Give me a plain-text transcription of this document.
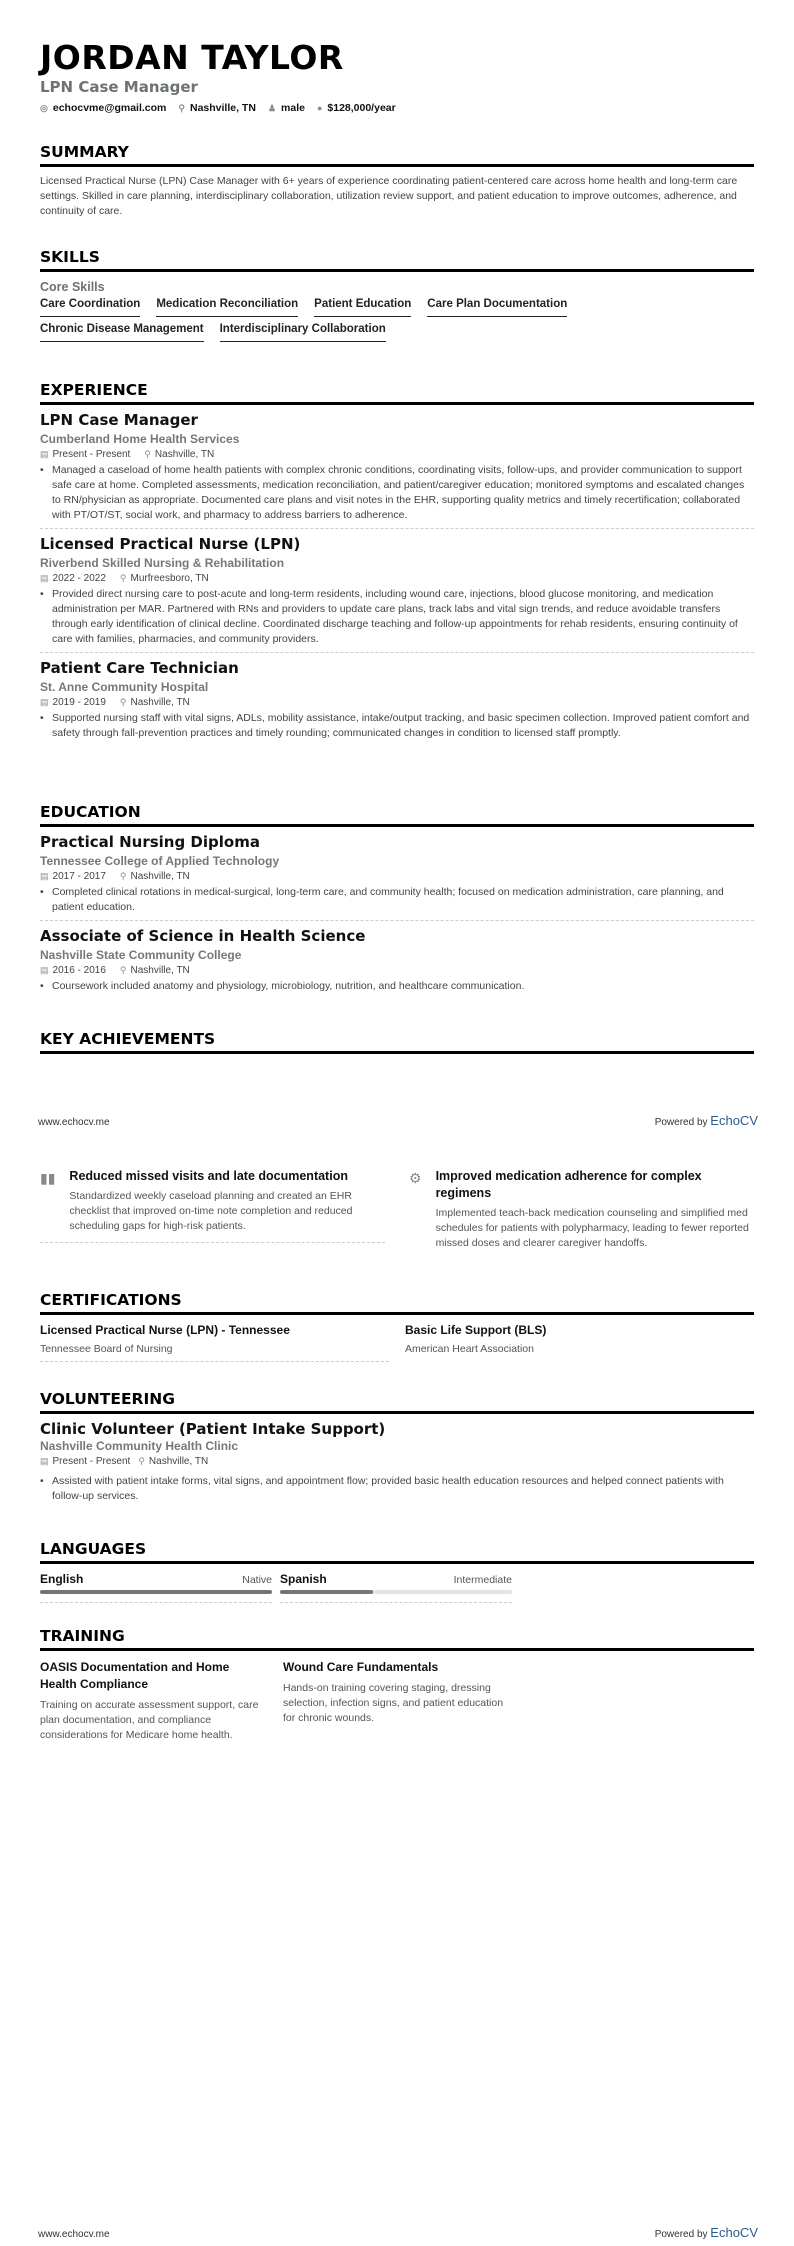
JORDAN TAYLOR
LPN Case Manager
◎ echocvme@gmail.com ⚲ Nashville, TN ♟ male ● $128,000/year
SUMMARY
Licensed Practical Nurse (LPN) Case Manager with 6+ years of experience coordinating patient-centered care across home health and long-term care settings. Skilled in care planning, interdisciplinary collaboration, utilization review support, and patient education to improve outcomes, adherence, and continuity of care.
SKILLS
Core Skills
Care Coordination Medication Reconciliation Patient Education Care Plan Documentation
Chronic Disease Management Interdisciplinary Collaboration
EXPERIENCE
LPN Case Manager
Cumberland Home Health Services
▤ Present - Present ⚲ Nashville, TN
• Managed a caseload of home health patients with complex chronic conditions, coordinating visits, follow-ups, and provider communication to support safe care at home. Completed assessments, medication reconciliation, and patient/caregiver education; monitored symptoms and escalated changes to RN/physician as appropriate. Documented care plans and visit notes in the EHR, supporting quality metrics and timely recertification; collaborated with PT/OT/ST, social work, and pharmacy to address barriers to adherence.
Licensed Practical Nurse (LPN)
Riverbend Skilled Nursing & Rehabilitation
▤ 2022 - 2022 ⚲ Murfreesboro, TN
• Provided direct nursing care to post-acute and long-term residents, including wound care, injections, blood glucose monitoring, and medication administration per MAR. Partnered with RNs and providers to update care plans, track labs and vital sign trends, and reduce avoidable transfers through early identification of clinical decline. Coordinated discharge teaching and follow-up appointments for rehab residents, ensuring continuity of care with families, pharmacies, and community providers.
Patient Care Technician
St. Anne Community Hospital
▤ 2019 - 2019 ⚲ Nashville, TN
• Supported nursing staff with vital signs, ADLs, mobility assistance, intake/output tracking, and basic specimen collection. Improved patient comfort and safety through fall-prevention practices and timely rounding; communicated changes in condition to licensed staff promptly.
EDUCATION
Practical Nursing Diploma
Tennessee College of Applied Technology
▤ 2017 - 2017 ⚲ Nashville, TN
• Completed clinical rotations in medical-surgical, long-term care, and community health; focused on medication administration, care planning, and patient education.
Associate of Science in Health Science
Nashville State Community College
▤ 2016 - 2016 ⚲ Nashville, TN
• Coursework included anatomy and physiology, microbiology, nutrition, and healthcare communication.
KEY ACHIEVEMENTS
www.echocv.me	Powered by EchoCV
▮▮ Reduced missed visits and late documentation
Standardized weekly caseload planning and created an EHR checklist that improved on-time note completion and reduced scheduling gaps for high-risk patients.
⚙ Improved medication adherence for complex regimens
Implemented teach-back medication counseling and simplified med schedules for patients with polypharmacy, leading to fewer reported missed doses and clearer caregiver handoffs.
CERTIFICATIONS
Licensed Practical Nurse (LPN) - Tennessee
Tennessee Board of Nursing
Basic Life Support (BLS)
American Heart Association
VOLUNTEERING
Clinic Volunteer (Patient Intake Support)
Nashville Community Health Clinic
▤ Present - Present ⚲ Nashville, TN
• Assisted with patient intake forms, vital signs, and appointment flow; provided basic health education resources and helped connect patients with follow-up services.
LANGUAGES
English	Native Spanish	Intermediate
TRAINING
OASIS Documentation and Home Health Compliance
Training on accurate assessment support, care plan documentation, and compliance considerations for Medicare home health.
Wound Care Fundamentals
Hands-on training covering staging, dressing selection, infection signs, and patient education for chronic wounds.
www.echocv.me	Powered by EchoCV
